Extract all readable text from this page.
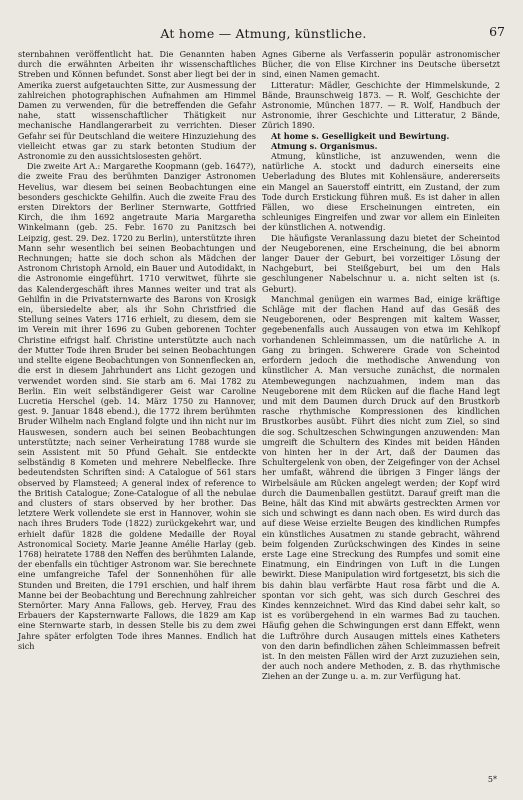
At home — Atmung, künstliche.	67

sternbahnen veröffentlicht hat. Die Genannten haben durch die erwähnten Arbeiten ihr wissenschaftliches Streben und Können befundet. Sonst aber liegt bei der in Amerika zuerst aufgetauchten Sitte, zur Ausmessung der zahlreichen photographischen Aufnahmen am Himmel Damen zu verwenden, für die betreffenden die Gefahr nahe, statt wissenschaftlicher Thätigkeit nur mechanische Handlangerarbeit zu verrichten. Dieser Gefahr sei für Deutschland die weitere Hinzuziehung des vielleicht etwas gar zu stark betonten Studium der Astronomie zu den aussichtslosesten gehört.

Die zweite Art A.: Margarethe Koopmann (geb. 1647?), die zweite Frau des berühmten Danziger Astronomen Hevelius, war diesem bei seinen Beobachtungen eine besonders geschickte Gehilfin. Auch die zweite Frau des ersten Direktors der Berliner Sternwarte, Gottfried Kirch, die ihm 1692 angetraute Maria Margaretha Winkelmann (geb. 25. Febr. 1670 zu Panitzsch bei Leipzig, gest. 29. Dez. 1720 zu Berlin), unterstützte ihren Mann sehr wesentlich bei seinen Beobachtungen und Rechnungen; hatte sie doch schon als Mädchen der Astronom Christoph Arnold, ein Bauer und Autodidakt, in die Astronomie eingeführt. 1710 verwitwet, führte sie das Kalendergeschäft ihres Mannes weiter und trat als Gehilfin in die Privatsternwarte des Barons von Krosigk ein, übersiedelte aber, als ihr Sohn Christfried die Stellung seines Vaters 1716 erhielt, zu diesem, dem sie im Verein mit ihrer 1696 zu Guben geborenen Tochter Christine eifrigst half. Christine unterstützte auch nach der Mutter Tode ihren Bruder bei seinen Beobachtungen und stellte eigene Beobachtungen von Sonnenflecken an, die erst in diesem Jahrhundert ans Licht gezogen und verwendet worden sind. Sie starb am 6. Mai 1782 zu Berlin. Ein weit selbständigerer Geist war Caroline Lucretia Herschel (geb. 14. März 1750 zu Hannover, gest. 9. Januar 1848 ebend.), die 1772 ihrem berühmten Bruder Wilhelm nach England folgte und ihn nicht nur im Hauswesen, sondern auch bei seinen Beobachtungen unterstützte; nach seiner Verheiratung 1788 wurde sie sein Assistent mit 50 Pfund Gehalt. Sie entdeckte selbständig 8 Kometen und mehrere Nebelflecke. Ihre bedeutendsten Schriften sind: A Catalogue of 561 stars observed by Flamsteed; A general index of reference to the British Catalogue; Zone-Catalogue of all the nebulae and clusters of stars observed by her brother. Das letztere Werk vollendete sie erst in Hannover, wohin sie nach ihres Bruders Tode (1822) zurückgekehrt war, und erhielt dafür 1828 die goldene Medaille der Royal Astronomical Society. Marie Jeanne Amélie Harlay (geb. 1768) heiratete 1788 den Neffen des berühmten Lalande, der ebenfalls ein tüchtiger Astronom war. Sie berechnete eine umfangreiche Tafel der Sonnenhöhen für alle Stunden und Breiten, die 1791 erschien, und half ihrem Manne bei der Beobachtung und Berechnung zahlreicher Sternörter. Mary Anna Fallows, geb. Hervey, Frau des Erbauers der Kapsternwarte Fallows, die 1829 am Kap eine Sternwarte starb, in dessen Stelle bis zu dem zwei Jahre später erfolgten Tode ihres Mannes. Endlich hat sich

Agnes Giberne als Verfasserin populär astronomischer Bücher, die von Elise Kirchner ins Deutsche übersetzt sind, einen Namen gemacht.

Litteratur: Mädler, Geschichte der Himmelskunde, 2 Bände, Braunschweig 1873. — R. Wolf, Geschichte der Astronomie, München 1877. — R. Wolf, Handbuch der Astronomie, ihrer Geschichte und Litteratur, 2 Bände, Zürich 1890.

At home s. Geselligkeit und Bewirtung.

Atmung s. Organismus.

Atmung, künstliche, ist anzuwenden, wenn die natürliche A. stockt und dadurch einerseits eine Ueberladung des Blutes mit Kohlensäure, andererseits ein Mangel an Sauerstoff eintritt, ein Zustand, der zum Tode durch Erstickung führen muß. Es ist daher in allen Fällen, wo diese Erscheinungen eintreten, ein schleuniges Eingreifen und zwar vor allem ein Einleiten der künstlichen A. notwendig.

Die häufigste Veranlassung dazu bietet der Scheintod der Neugeborenen, eine Erscheinung, die bei abnorm langer Dauer der Geburt, bei vorzeitiger Lösung der Nachgeburt, bei Steißgeburt, bei um den Hals geschlungener Nabelschnur u. a. nicht selten ist (s. Geburt).

Manchmal genügen ein warmes Bad, einige kräftige Schläge mit der flachen Hand auf das Gesäß des Neugeborenen, oder Besprengen mit kaltem Wasser, gegebenenfalls auch Aussaugen von etwa im Kehlkopf vorhandenen Schleimmassen, um die natürliche A. in Gang zu bringen. Schwerere Grade von Scheintod erfordern jedoch die methodische Anwendung von künstlicher A. Man versuche zunächst, die normalen Atembewegungen nachzuahmen, indem man das Neugeborene mit dem Rücken auf die flache Hand legt und mit dem Daumen durch Druck auf den Brustkorb rasche rhythmische Kompressionen des kindlichen Brustkorbes ausübt. Führt dies nicht zum Ziel, so sind die sog. Schultzeschen Schwingungen anzuwenden: Man umgreift die Schultern des Kindes mit beiden Händen von hinten her in der Art, daß der Daumen das Schultergelenk von oben, der Zeigefinger von der Achsel her umfaßt, während die übrigen 3 Finger längs der Wirbelsäule am Rücken angelegt werden; der Kopf wird durch die Daumenballen gestützt. Darauf greift man die Beine, hält das Kind mit abwärts gestreckten Armen vor sich und schwingt es dann nach oben. Es wird durch das auf diese Weise erzielte Beugen des kindlichen Rumpfes ein künstliches Ausatmen zu stande gebracht, während beim folgenden Zurückschwingen des Kindes in seine erste Lage eine Streckung des Rumpfes und somit eine Einatmung, ein Eindringen von Luft in die Lungen bewirkt. Diese Manipulation wird fortgesetzt, bis sich die bis dahin blau verfärbte Haut rosa färbt und die A. spontan vor sich geht, was sich durch Geschrei des Kindes kennzeichnet. Wird das Kind dabei sehr kalt, so ist es vorübergehend in ein warmes Bad zu tauchen. Häufig gehen die Schwingungen erst dann Effekt, wenn die Luftröhre durch Ausaugen mittels eines Katheters von den darin befindlichen zähen Schleimmassen befreit ist. In den meisten Fällen wird der Arzt zuzuziehen sein, der auch noch andere Methoden, z. B. das rhythmische Ziehen an der Zunge u. a. m. zur Verfügung hat.

5*
